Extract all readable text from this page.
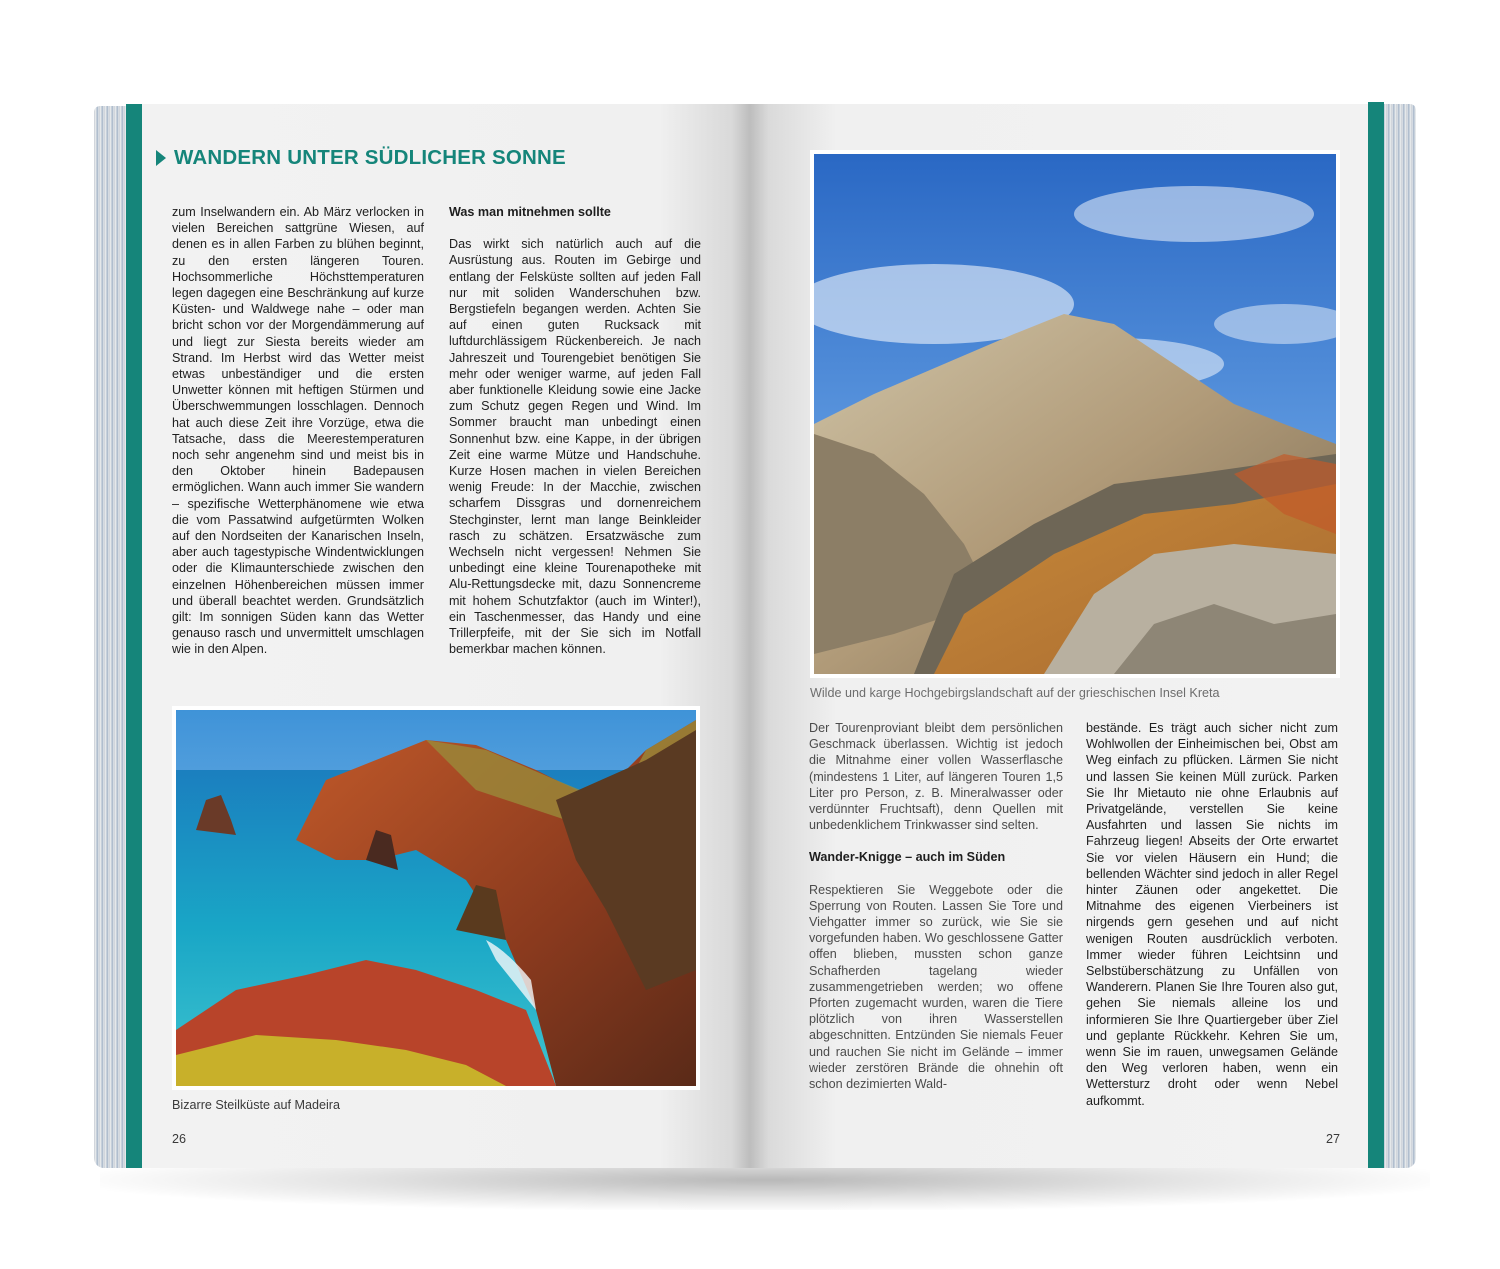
WANDERN UNTER SÜDLICHER SONNE

zum Inselwandern ein. Ab März verlocken in vielen Bereichen sattgrüne Wiesen, auf denen es in allen Farben zu blühen beginnt, zu den ersten längeren Touren. Hochsommerliche Höchsttemperaturen legen dagegen eine Beschränkung auf kurze Küsten- und Waldwege nahe – oder man bricht schon vor der Morgendämmerung auf und liegt zur Siesta bereits wieder am Strand. Im Herbst wird das Wetter meist etwas unbeständiger und die ersten Unwetter können mit heftigen Stürmen und Überschwemmungen losschlagen. Dennoch hat auch diese Zeit ihre Vorzüge, etwa die Tatsache, dass die Meerestemperaturen noch sehr angenehm sind und meist bis in den Oktober hinein Badepausen ermöglichen. Wann auch immer Sie wandern – spezifische Wetterphänomene wie etwa die vom Passatwind aufgetürmten Wolken auf den Nordseiten der Kanarischen Inseln, aber auch tagestypische Windentwicklungen oder die Klimaunterschiede zwischen den einzelnen Höhenbereichen müssen immer und überall beachtet werden. Grundsätzlich gilt: Im sonnigen Süden kann das Wetter genauso rasch und unvermittelt umschlagen wie in den Alpen.

Was man mitnehmen sollte

Das wirkt sich natürlich auch auf die Ausrüstung aus. Routen im Gebirge und entlang der Felsküste sollten auf jeden Fall nur mit soliden Wanderschuhen bzw. Bergstiefeln begangen werden. Achten Sie auf einen guten Rucksack mit luftdurchlässigem Rückenbereich. Je nach Jahreszeit und Tourengebiet benötigen Sie mehr oder weniger warme, auf jeden Fall aber funktionelle Kleidung sowie eine Jacke zum Schutz gegen Regen und Wind. Im Sommer braucht man unbedingt einen Sonnenhut bzw. eine Kappe, in der übrigen Zeit eine warme Mütze und Handschuhe. Kurze Hosen machen in vielen Bereichen wenig Freude: In der Macchie, zwischen scharfem Dissgras und dornenreichem Stechginster, lernt man lange Beinkleider rasch zu schätzen. Ersatzwäsche zum Wechseln nicht vergessen! Nehmen Sie unbedingt eine kleine Tourenapotheke mit Alu-Rettungsdecke mit, dazu Sonnencreme mit hohem Schutzfaktor (auch im Winter!), ein Taschenmesser, das Handy und eine Trillerpfeife, mit der Sie sich im Notfall bemerkbar machen können.

Bizarre Steilküste auf Madeira
26
Wilde und karge Hochgebirgslandschaft auf der grieschischen Insel Kreta

Der Tourenproviant bleibt dem persönlichen Geschmack überlassen. Wichtig ist jedoch die Mitnahme einer vollen Wasserflasche (mindestens 1 Liter, auf längeren Touren 1,5 Liter pro Person, z. B. Mineralwasser oder verdünnter Fruchtsaft), denn Quellen mit unbedenklichem Trinkwasser sind selten.

Wander-Knigge – auch im Süden

Respektieren Sie Weggebote oder die Sperrung von Routen. Lassen Sie Tore und Viehgatter immer so zurück, wie Sie sie vorgefunden haben. Wo geschlossene Gatter offen blieben, mussten schon ganze Schafherden tagelang wieder zusammengetrieben werden; wo offene Pforten zugemacht wurden, waren die Tiere plötzlich von ihren Wasserstellen abgeschnitten. Entzünden Sie niemals Feuer und rauchen Sie nicht im Gelände – immer wieder zerstören Brände die ohnehin oft schon dezimierten Wald-

bestände. Es trägt auch sicher nicht zum Wohlwollen der Einheimischen bei, Obst am Weg einfach zu pflücken. Lärmen Sie nicht und lassen Sie keinen Müll zurück. Parken Sie Ihr Mietauto nie ohne Erlaubnis auf Privatgelände, verstellen Sie keine Ausfahrten und lassen Sie nichts im Fahrzeug liegen! Abseits der Orte erwartet Sie vor vielen Häusern ein Hund; die bellenden Wächter sind jedoch in aller Regel hinter Zäunen oder angekettet. Die Mitnahme des eigenen Vierbeiners ist nirgends gern gesehen und auf nicht wenigen Routen ausdrücklich verboten. Immer wieder führen Leichtsinn und Selbstüberschätzung zu Unfällen von Wanderern. Planen Sie Ihre Touren also gut, gehen Sie niemals alleine los und informieren Sie Ihre Quartiergeber über Ziel und geplante Rückkehr. Kehren Sie um, wenn Sie im rauen, unwegsamen Gelände den Weg verloren haben, wenn ein Wettersturz droht oder wenn Nebel aufkommt.

27
